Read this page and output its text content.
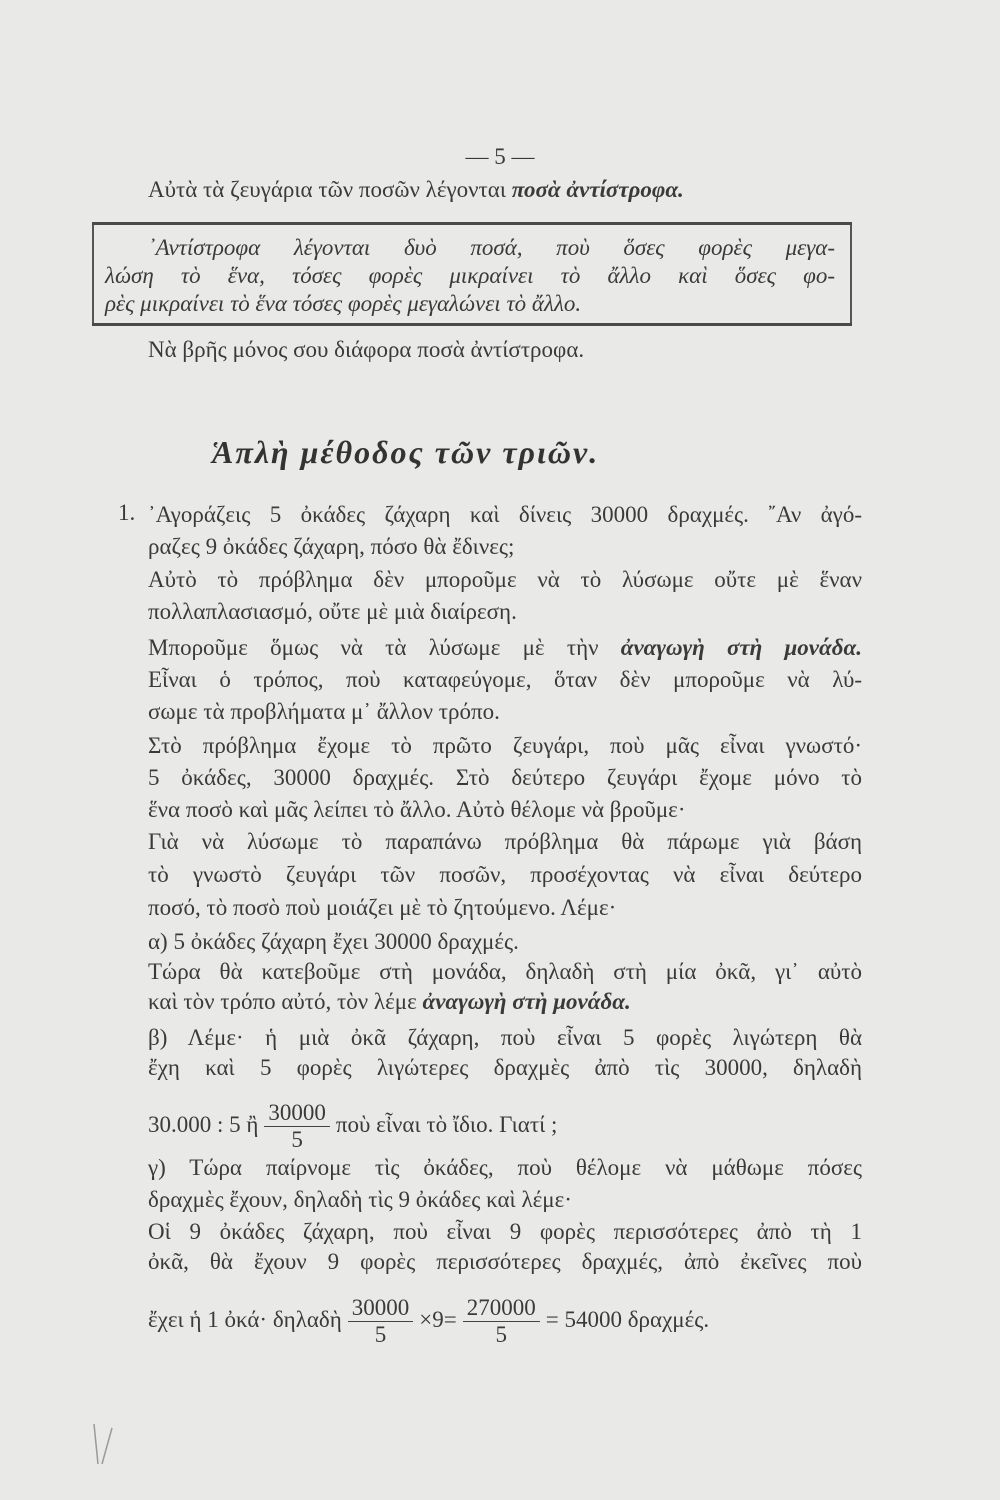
— 5 —
Ἁπλὴ μέθοδος τῶν τριῶν.
1.
Αὐτὰ τὰ ζευγάρια τῶν ποσῶν λέγονται ποσὰ ἀντίστροφα.
᾿Αντίστροφα λέγονται δυὸ ποσά, ποὺ ὅσες φορὲς μεγα-
λώση τὸ ἕνα, τόσες φορὲς μικραίνει τὸ ἄλλο καὶ ὅσες φο-
ρὲς μικραίνει τὸ ἕνα τόσες φορὲς μεγαλώνει τὸ ἄλλο.
Νὰ βρῆς μόνος σου διάφορα ποσὰ ἀντίστροφα.
᾿Αγοράζεις 5 ὀκάδες ζάχαρη καὶ δίνεις 30000 δραχμές. ῎Αν ἀγό-
ραζες 9 ὀκάδες ζάχαρη, πόσο θὰ ἔδινες;
Αὐτὸ τὸ πρόβλημα δὲν μποροῦμε νὰ τὸ λύσωμε οὔτε μὲ ἕναν
πολλαπλασιασμό, οὔτε μὲ μιὰ διαίρεση.
Μποροῦμε ὅμως νὰ τὰ λύσωμε μὲ τὴν ἀναγωγὴ στὴ μονάδα.
Εἶναι ὁ τρόπος, ποὺ καταφεύγομε, ὅταν δὲν μποροῦμε νὰ λύ-
σωμε τὰ προβλήματα μ᾿ ἄλλον τρόπο.
Στὸ πρόβλημα ἔχομε τὸ πρῶτο ζευγάρι, ποὺ μᾶς εἶναι γνωστό·
5 ὀκάδες, 30000 δραχμές. Στὸ δεύτερο ζευγάρι ἔχομε μόνο τὸ
ἕνα ποσὸ καὶ μᾶς λείπει τὸ ἄλλο. Αὐτὸ θέλομε νὰ βροῦμε·
Γιὰ νὰ λύσωμε τὸ παραπάνω πρόβλημα θὰ πάρωμε γιὰ βάση
τὸ γνωστὸ ζευγάρι τῶν ποσῶν, προσέχοντας νὰ εἶναι δεύτερο
ποσό, τὸ ποσὸ ποὺ μοιάζει μὲ τὸ ζητούμενο. Λέμε·
α) 5 ὀκάδες ζάχαρη ἔχει 30000 δραχμές.
Τώρα θὰ κατεβοῦμε στὴ μονάδα, δηλαδὴ στὴ μία ὀκᾶ, γι᾿ αὐτὸ
καὶ τὸν τρόπο αὐτό, τὸν λέμε ἀναγωγὴ στὴ μονάδα.
β) Λέμε· ἡ μιὰ ὀκᾶ ζάχαρη, ποὺ εἶναι 5 φορὲς λιγώτερη θὰ
ἔχη καὶ 5 φορὲς λιγώτερες δραχμὲς ἀπὸ τὶς 30000, δηλαδὴ
30.000 : 5 ἢ $\frac{30000}{5}$ ποὺ εἶναι τὸ ἴδιο. Γιατί ;
γ) Τώρα παίρνομε τὶς ὀκάδες, ποὺ θέλομε νὰ μάθωμε πόσες
δραχμὲς ἔχουν, δηλαδὴ τὶς 9 ὀκάδες καὶ λέμε·
Οἱ 9 ὀκάδες ζάχαρη, ποὺ εἶναι 9 φορὲς περισσότερες ἀπὸ τὴ 1
ὀκᾶ, θὰ ἔχουν 9 φορὲς περισσότερες δραχμές, ἀπὸ ἐκεῖνες ποὺ
ἔχει ἡ 1 ὀκά· δηλαδὴ $\frac{30000}{5} \times 9= \frac{270000}{5} = 54000$ δραχμές.
